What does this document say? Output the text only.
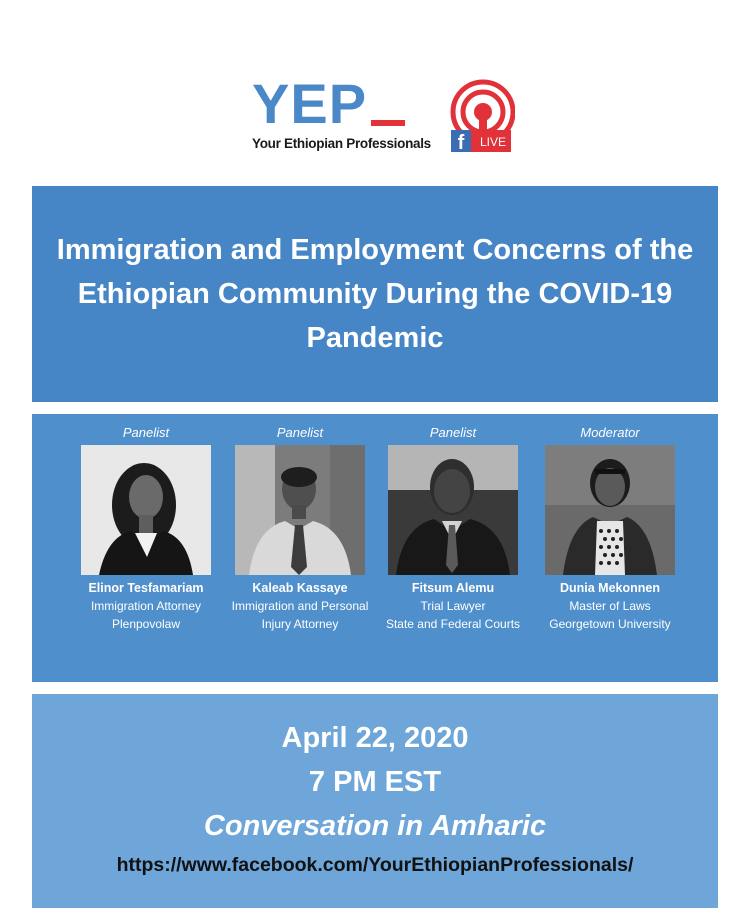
YEP
Your Ethiopian Professionals f LIVE
Immigration and Employment Concerns of the Ethiopian Community During the COVID-19 Pandemic
Panelist
Elinor Tesfamariam
Immigration Attorney
Plenpovolaw
Panelist
Kaleab Kassaye
Immigration and Personal
Injury Attorney
Panelist
Fitsum Alemu
Trial Lawyer
State and Federal Courts
Moderator
Dunia Mekonnen
Master of Laws
Georgetown University
April 22, 2020
7 PM EST
Conversation in Amharic
https://www.facebook.com/YourEthiopianProfessionals/
